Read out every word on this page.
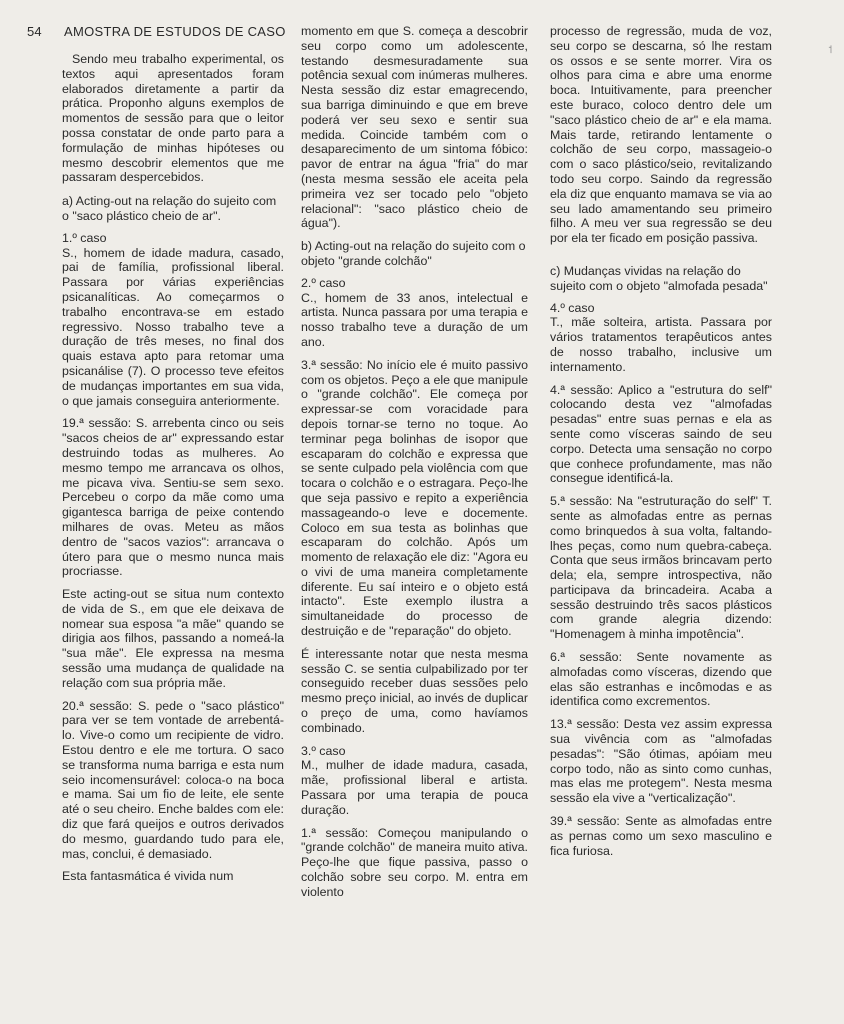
54 AMOSTRA DE ESTUDOS DE CASO
˦

Sendo meu trabalho experimental, os textos aqui apresentados foram elaborados diretamente a partir da prática. Proponho alguns exemplos de momentos de sessão para que o leitor possa constatar de onde parto para a formulação de minhas hipóteses ou mesmo descobrir elementos que me passaram despercebidos.

a) Acting-out na relação do sujeito com o "saco plástico cheio de ar".

1.º caso

S., homem de idade madura, casado, pai de família, profissional liberal. Passara por várias experiências psicanalíticas. Ao começarmos o trabalho encontrava-se em estado regressivo. Nosso trabalho teve a duração de três meses, no final dos quais estava apto para retomar uma psicanálise (7). O processo teve efeitos de mudanças importantes em sua vida, o que jamais conseguira anteriormente.

19.ª sessão: S. arrebenta cinco ou seis "sacos cheios de ar" expressando estar destruindo todas as mulheres. Ao mesmo tempo me arrancava os olhos, me picava viva. Sentiu-se sem sexo. Percebeu o corpo da mãe como uma gigantesca barriga de peixe contendo milhares de ovas. Meteu as mãos dentro de "sacos vazios": arrancava o útero para que o mesmo nunca mais procriasse.

Este acting-out se situa num contexto de vida de S., em que ele deixava de nomear sua esposa "a mãe" quando se dirigia aos filhos, passando a nomeá-la "sua mãe". Ele expressa na mesma sessão uma mudança de qualidade na relação com sua própria mãe.

20.ª sessão: S. pede o "saco plástico" para ver se tem vontade de arrebentá-lo. Vive-o como um recipiente de vidro. Estou dentro e ele me tortura. O saco se transforma numa barriga e esta num seio incomensurável: coloca-o na boca e mama. Sai um fio de leite, ele sente até o seu cheiro. Enche baldes com ele: diz que fará queijos e outros derivados do mesmo, guardando tudo para ele, mas, conclui, é demasiado.

Esta fantasmática é vivida num

momento em que S. começa a descobrir seu corpo como um adolescente, testando desmesuradamente sua potência sexual com inúmeras mulheres. Nesta sessão diz estar emagrecendo, sua barriga diminuindo e que em breve poderá ver seu sexo e sentir sua medida. Coincide também com o desaparecimento de um sintoma fóbico: pavor de entrar na água "fria" do mar (nesta mesma sessão ele aceita pela primeira vez ser tocado pelo "objeto relacional": "saco plástico cheio de água").

b) Acting-out na relação do sujeito com o objeto "grande colchão"

2.º caso

C., homem de 33 anos, intelectual e artista. Nunca passara por uma terapia e nosso trabalho teve a duração de um ano.

3.ª sessão: No início ele é muito passivo com os objetos. Peço a ele que manipule o "grande colchão". Ele começa por expressar-se com voracidade para depois tornar-se terno no toque. Ao terminar pega bolinhas de isopor que escaparam do colchão e expressa que se sente culpado pela violência com que tocara o colchão e o estragara. Peço-lhe que seja passivo e repito a experiência massageando-o leve e docemente. Coloco em sua testa as bolinhas que escaparam do colchão. Após um momento de relaxação ele diz: "Agora eu o vivi de uma maneira completamente diferente. Eu saí inteiro e o objeto está intacto". Este exemplo ilustra a simultaneidade do processo de destruição e de "reparação" do objeto.

É interessante notar que nesta mesma sessão C. se sentia culpabilizado por ter conseguido receber duas sessões pelo mesmo preço inicial, ao invés de duplicar o preço de uma, como havíamos combinado.

3.º caso

M., mulher de idade madura, casada, mãe, profissional liberal e artista. Passara por uma terapia de pouca duração.

1.ª sessão: Começou manipulando o "grande colchão" de maneira muito ativa. Peço-lhe que fique passiva, passo o colchão sobre seu corpo. M. entra em violento

processo de regressão, muda de voz, seu corpo se descarna, só lhe restam os ossos e se sente morrer. Vira os olhos para cima e abre uma enorme boca. Intuitivamente, para preencher este buraco, coloco dentro dele um "saco plástico cheio de ar" e ela mama. Mais tarde, retirando lentamente o colchão de seu corpo, massageio-o com o saco plástico/seio, revitalizando todo seu corpo. Saindo da regressão ela diz que enquanto mamava se via ao seu lado amamentando seu primeiro filho. A meu ver sua regressão se deu por ela ter ficado em posição passiva.

c) Mudanças vividas na relação do sujeito com o objeto "almofada pesada"

4.º caso

T., mãe solteira, artista. Passara por vários tratamentos terapêuticos antes de nosso trabalho, inclusive um internamento.

4.ª sessão: Aplico a "estrutura do self" colocando desta vez "almofadas pesadas" entre suas pernas e ela as sente como vísceras saindo de seu corpo. Detecta uma sensação no corpo que conhece profundamente, mas não consegue identificá-la.

5.ª sessão: Na "estruturação do self" T. sente as almofadas entre as pernas como brinquedos à sua volta, faltando-lhes peças, como num quebra-cabeça. Conta que seus irmãos brincavam perto dela; ela, sempre introspectiva, não participava da brincadeira. Acaba a sessão destruindo três sacos plásticos com grande alegria dizendo: "Homenagem à minha impotência".

6.ª sessão: Sente novamente as almofadas como vísceras, dizendo que elas são estranhas e incômodas e as identifica como excrementos.

13.ª sessão: Desta vez assim expressa sua vivência com as "almofadas pesadas": "São ótimas, apóiam meu corpo todo, não as sinto como cunhas, mas elas me protegem". Nesta mesma sessão ela vive a "verticalização".

39.ª sessão: Sente as almofadas entre as pernas como um sexo masculino e fica furiosa.
